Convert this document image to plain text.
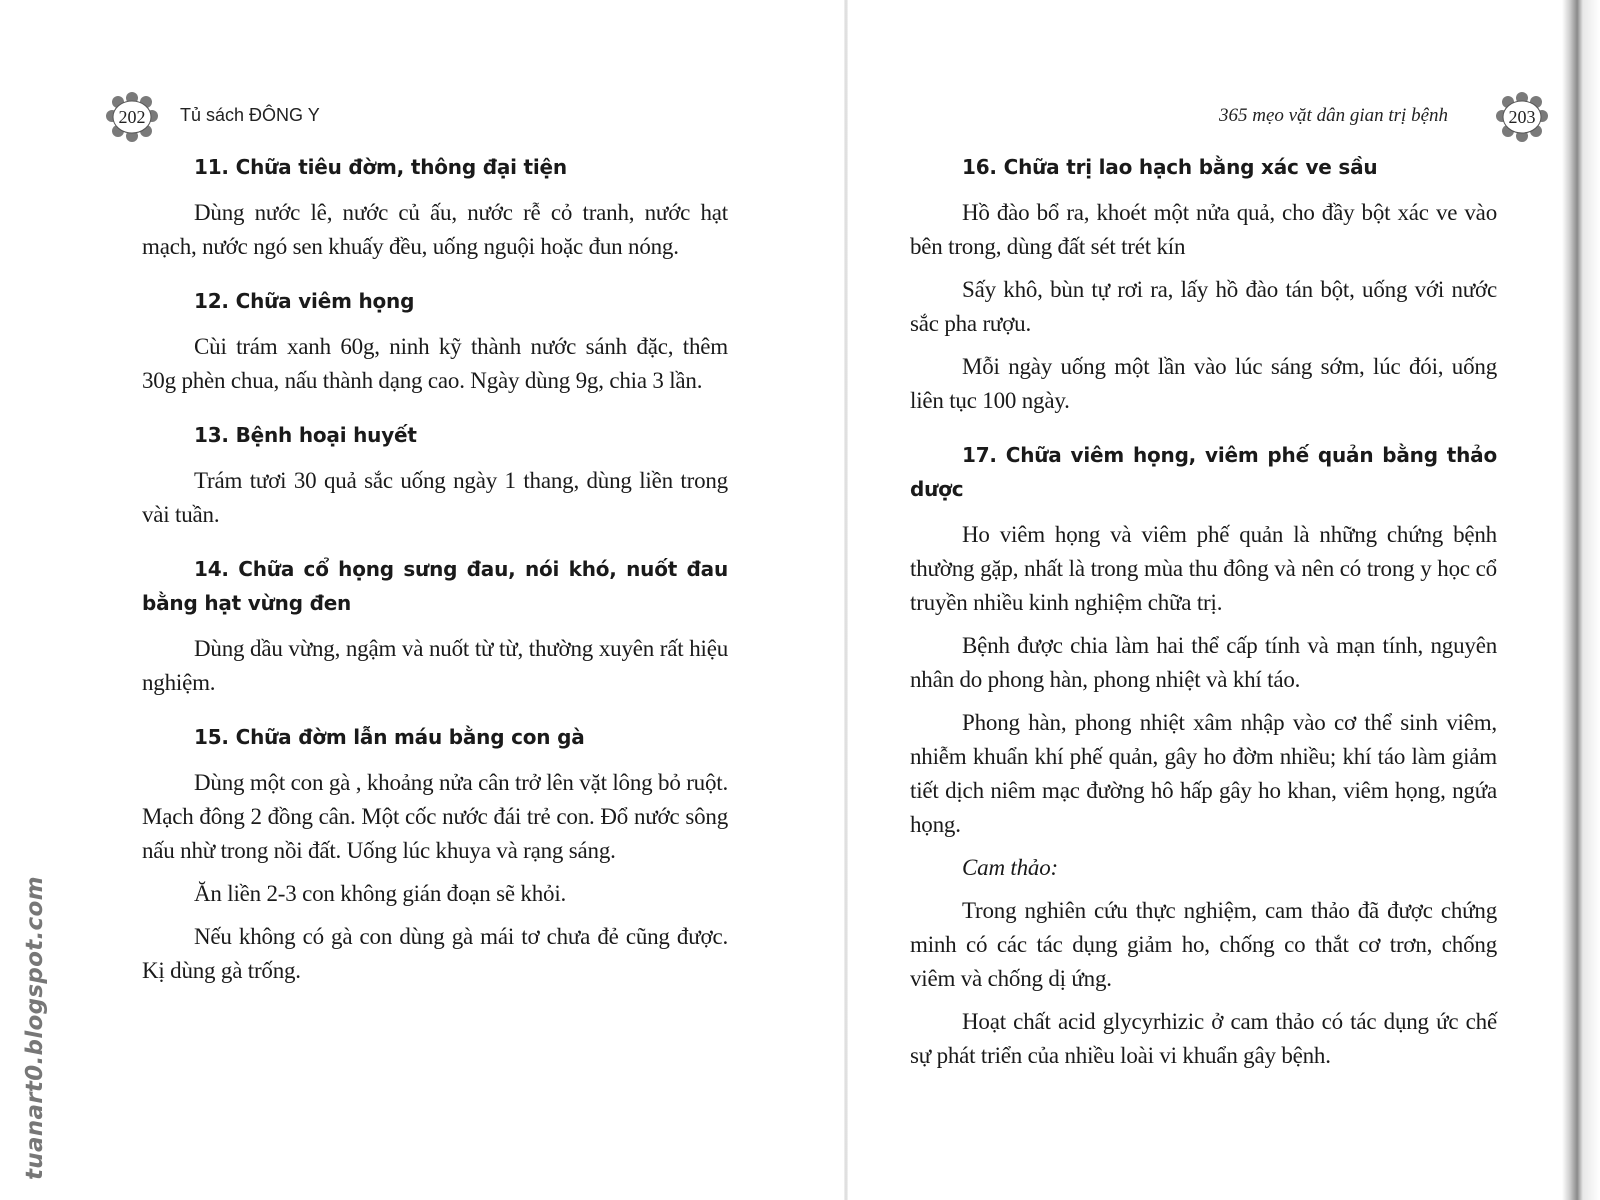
202	Tủ sách ĐÔNG Y
11. Chữa tiêu đờm, thông đại tiện

Dùng nước lê, nước củ ấu, nước rễ cỏ tranh, nước hạt mạch, nước ngó sen khuấy đều, uống nguội hoặc đun nóng.

12. Chữa viêm họng

Cùi trám xanh 60g, ninh kỹ thành nước sánh đặc, thêm 30g phèn chua, nấu thành dạng cao. Ngày dùng 9g, chia 3 lần.

13. Bệnh hoại huyết

Trám tươi 30 quả sắc uống ngày 1 thang, dùng liền trong vài tuần.

14. Chữa cổ họng sưng đau, nói khó, nuốt đau bằng hạt vừng đen

Dùng dầu vừng, ngậm và nuốt từ từ, thường xuyên rất hiệu nghiệm.

15. Chữa đờm lẫn máu bằng con gà

Dùng một con gà , khoảng nửa cân trở lên vặt lông bỏ ruột. Mạch đông 2 đồng cân. Một cốc nước đái trẻ con. Đổ nước sông nấu nhừ trong nồi đất. Uống lúc khuya và rạng sáng.

Ăn liền 2-3 con không gián đoạn sẽ khỏi.

Nếu không có gà con dùng gà mái tơ chưa đẻ cũng được. Kị dùng gà trống.

365 mẹo vặt dân gian trị bệnh	203
16. Chữa trị lao hạch bằng xác ve sầu

Hồ đào bổ ra, khoét một nửa quả, cho đầy bột xác ve vào bên trong, dùng đất sét trét kín

Sấy khô, bùn tự rơi ra, lấy hồ đào tán bột, uống với nước sắc pha rượu.

Mỗi ngày uống một lần vào lúc sáng sớm, lúc đói, uống liên tục 100 ngày.

17. Chữa viêm họng, viêm phế quản bằng thảo dược

Ho viêm họng và viêm phế quản là những chứng bệnh thường gặp, nhất là trong mùa thu đông và nên có trong y học cổ truyền nhiều kinh nghiệm chữa trị.

Bệnh được chia làm hai thể cấp tính và mạn tính, nguyên nhân do phong hàn, phong nhiệt và khí táo.

Phong hàn, phong nhiệt xâm nhập vào cơ thể sinh viêm, nhiễm khuẩn khí phế quản, gây ho đờm nhiều; khí táo làm giảm tiết dịch niêm mạc đường hô hấp gây ho khan, viêm họng, ngứa họng.

Cam thảo:

Trong nghiên cứu thực nghiệm, cam thảo đã được chứng minh có các tác dụng giảm ho, chống co thắt cơ trơn, chống viêm và chống dị ứng.

Hoạt chất acid glycyrhizic ở cam thảo có tác dụng ức chế sự phát triển của nhiều loài vi khuẩn gây bệnh.

tuanart0.blogspot.com
